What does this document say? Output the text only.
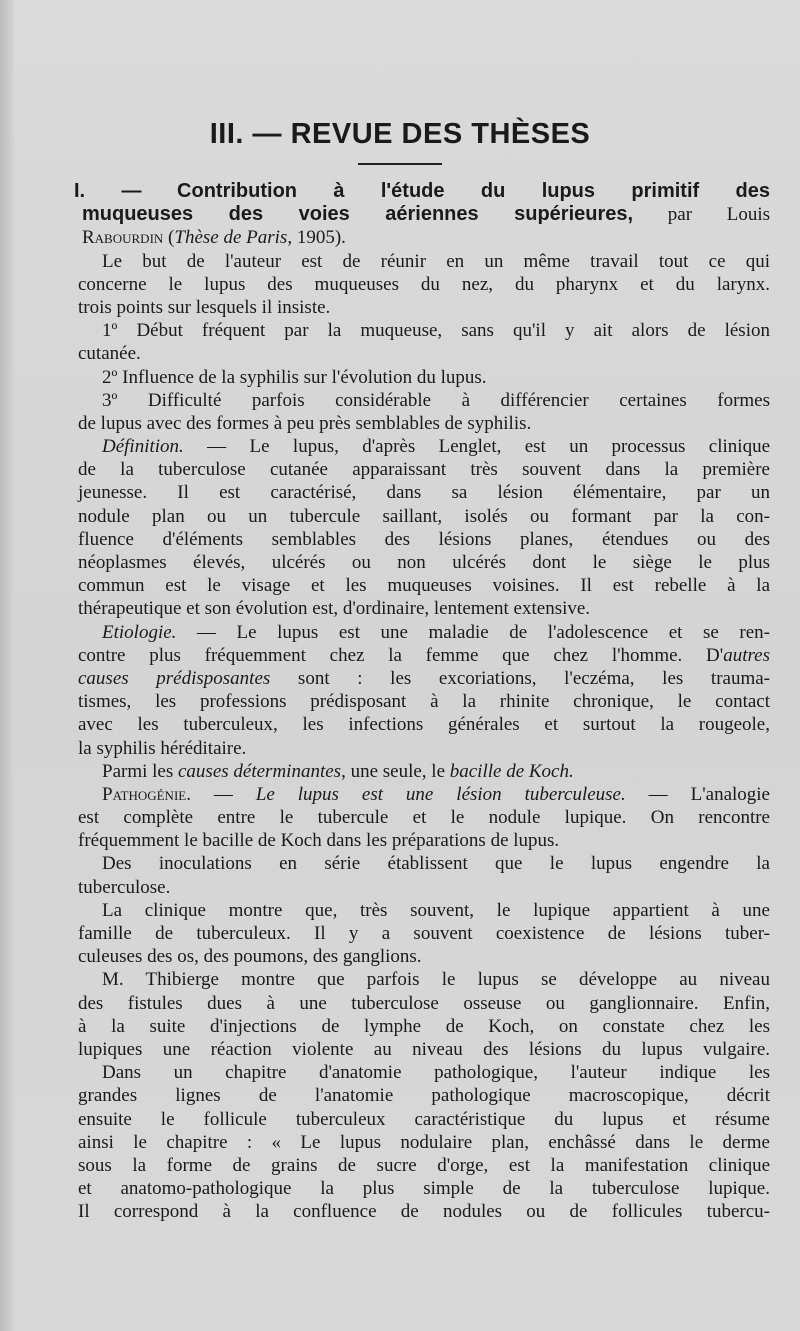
III. — REVUE DES THÈSES
I. — Contribution à l'étude du lupus primitif des
muqueuses des voies aériennes supérieures, par Louis
Rabourdin (Thèse de Paris, 1905).
Le but de l'auteur est de réunir en un même travail tout ce qui
concerne le lupus des muqueuses du nez, du pharynx et du larynx.
trois points sur lesquels il insiste.
1º Début fréquent par la muqueuse, sans qu'il y ait alors de lésion
cutanée.
2º Influence de la syphilis sur l'évolution du lupus.
3º Difficulté parfois considérable à différencier certaines formes
de lupus avec des formes à peu près semblables de syphilis.
Définition. — Le lupus, d'après Lenglet, est un processus clinique
de la tuberculose cutanée apparaissant très souvent dans la première
jeunesse. Il est caractérisé, dans sa lésion élémentaire, par un
nodule plan ou un tubercule saillant, isolés ou formant par la con-
fluence d'éléments semblables des lésions planes, étendues ou des
néoplasmes élevés, ulcérés ou non ulcérés dont le siège le plus
commun est le visage et les muqueuses voisines. Il est rebelle à la
thérapeutique et son évolution est, d'ordinaire, lentement extensive.
Etiologie. — Le lupus est une maladie de l'adolescence et se ren-
contre plus fréquemment chez la femme que chez l'homme. D'autres
causes prédisposantes sont : les excoriations, l'eczéma, les trauma-
tismes, les professions prédisposant à la rhinite chronique, le contact
avec les tuberculeux, les infections générales et surtout la rougeole,
la syphilis héréditaire.
Parmi les causes déterminantes, une seule, le bacille de Koch.
Pathogénie. — Le lupus est une lésion tuberculeuse. — L'analogie
est complète entre le tubercule et le nodule lupique. On rencontre
fréquemment le bacille de Koch dans les préparations de lupus.
Des inoculations en série établissent que le lupus engendre la
tuberculose.
La clinique montre que, très souvent, le lupique appartient à une
famille de tuberculeux. Il y a souvent coexistence de lésions tuber-
culeuses des os, des poumons, des ganglions.
M. Thibierge montre que parfois le lupus se développe au niveau
des fistules dues à une tuberculose osseuse ou ganglionnaire. Enfin,
à la suite d'injections de lymphe de Koch, on constate chez les
lupiques une réaction violente au niveau des lésions du lupus vulgaire.
Dans un chapitre d'anatomie pathologique, l'auteur indique les
grandes lignes de l'anatomie pathologique macroscopique, décrit
ensuite le follicule tuberculeux caractéristique du lupus et résume
ainsi le chapitre : « Le lupus nodulaire plan, enchâssé dans le derme
sous la forme de grains de sucre d'orge, est la manifestation clinique
et anatomo-pathologique la plus simple de la tuberculose lupique.
Il correspond à la confluence de nodules ou de follicules tubercu-
